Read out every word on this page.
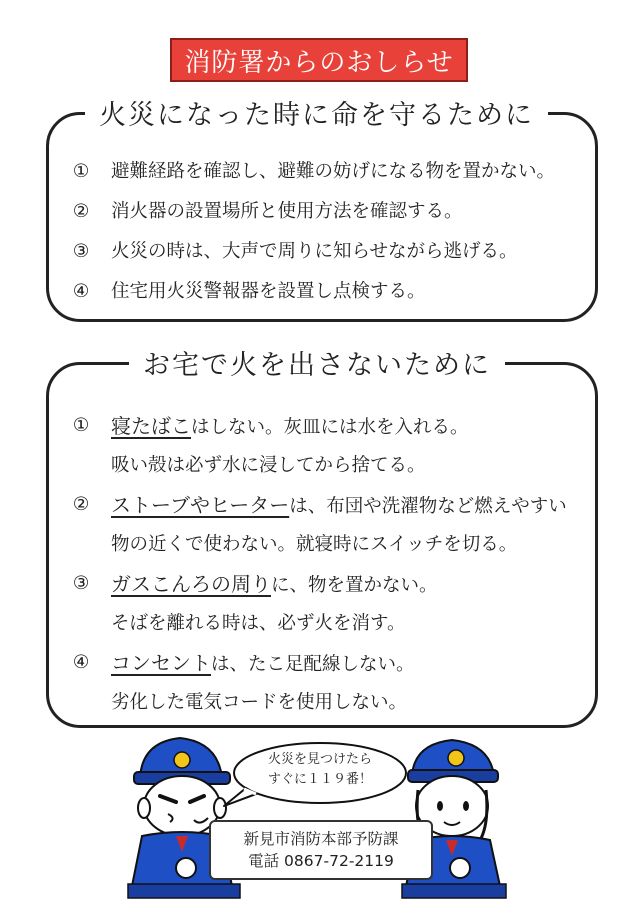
消防署からのおしらせ
火災になった時に命を守るために
①	避難経路を確認し、避難の妨げになる物を置かない。
②	消火器の設置場所と使用方法を確認する。
③	火災の時は、大声で周りに知らせながら逃げる。
④	住宅用火災警報器を設置し点検する。
お宅で火を出さないために
① 寝たばこはしない。灰皿には水を入れる。
吸い殻は必ず水に浸してから捨てる。
② ストーブやヒーターは、布団や洗濯物など燃えやすい
物の近くで使わない。就寝時にスイッチを切る。
③ ガスこんろの周りに、物を置かない。
そばを離れる時は、必ず火を消す。
④ コンセントは、たこ足配線しない。
劣化した電気コードを使用しない。
火災を見つけたら
すぐに１１９番！
新見市消防本部予防課
電話 0867-72-2119
